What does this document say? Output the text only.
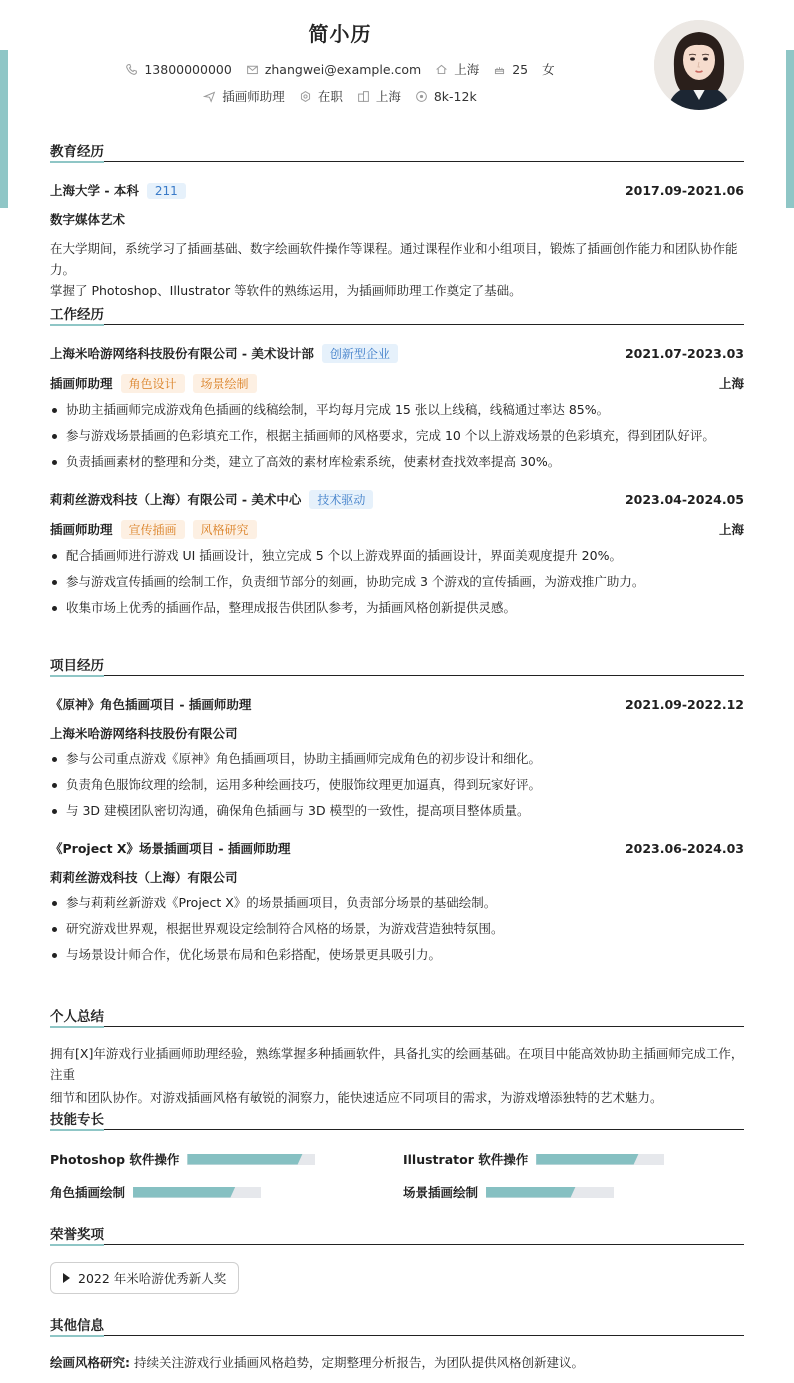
简小历
13800000000	zhangwei@example.com	上海	25 女
插画师助理	在职	上海	8k-12k
教育经历
上海大学 - 本科 211	2017.09-2021.06
数字媒体艺术
在大学期间，系统学习了插画基础、数字绘画软件操作等课程。通过课程作业和小组项目，锻炼了插画创作能力和团队协作能力。
掌握了 Photoshop、Illustrator 等软件的熟练运用，为插画师助理工作奠定了基础。
工作经历
上海米哈游网络科技股份有限公司 - 美术设计部 创新型企业	2021.07-2023.03
插画师助理 角色设计 场景绘制	上海
协助主插画师完成游戏角色插画的线稿绘制，平均每月完成 15 张以上线稿，线稿通过率达 85%。
参与游戏场景插画的色彩填充工作，根据主插画师的风格要求，完成 10 个以上游戏场景的色彩填充，得到团队好评。
负责插画素材的整理和分类，建立了高效的素材库检索系统，使素材查找效率提高 30%。
莉莉丝游戏科技（上海）有限公司 - 美术中心 技术驱动	2023.04-2024.05
插画师助理 宣传插画 风格研究	上海
配合插画师进行游戏 UI 插画设计，独立完成 5 个以上游戏界面的插画设计，界面美观度提升 20%。
参与游戏宣传插画的绘制工作，负责细节部分的刻画，协助完成 3 个游戏的宣传插画，为游戏推广助力。
收集市场上优秀的插画作品，整理成报告供团队参考，为插画风格创新提供灵感。
项目经历
《原神》角色插画项目 - 插画师助理	2021.09-2022.12
上海米哈游网络科技股份有限公司
参与公司重点游戏《原神》角色插画项目，协助主插画师完成角色的初步设计和细化。
负责角色服饰纹理的绘制，运用多种绘画技巧，使服饰纹理更加逼真，得到玩家好评。
与 3D 建模团队密切沟通，确保角色插画与 3D 模型的一致性，提高项目整体质量。
《Project X》场景插画项目 - 插画师助理	2023.06-2024.03
莉莉丝游戏科技（上海）有限公司
参与莉莉丝新游戏《Project X》的场景插画项目，负责部分场景的基础绘制。
研究游戏世界观，根据世界观设定绘制符合风格的场景，为游戏营造独特氛围。
与场景设计师合作，优化场景布局和色彩搭配，使场景更具吸引力。
个人总结
拥有[X]年游戏行业插画师助理经验，熟练掌握多种插画软件，具备扎实的绘画基础。在项目中能高效协助主插画师完成工作，注重
细节和团队协作。对游戏插画风格有敏锐的洞察力，能快速适应不同项目的需求，为游戏增添独特的艺术魅力。
技能专长
Photoshop 软件操作	Illustrator 软件操作
角色插画绘制	场景插画绘制
荣誉奖项
2022 年米哈游优秀新人奖
其他信息
绘画风格研究: 持续关注游戏行业插画风格趋势，定期整理分析报告，为团队提供风格创新建议。
